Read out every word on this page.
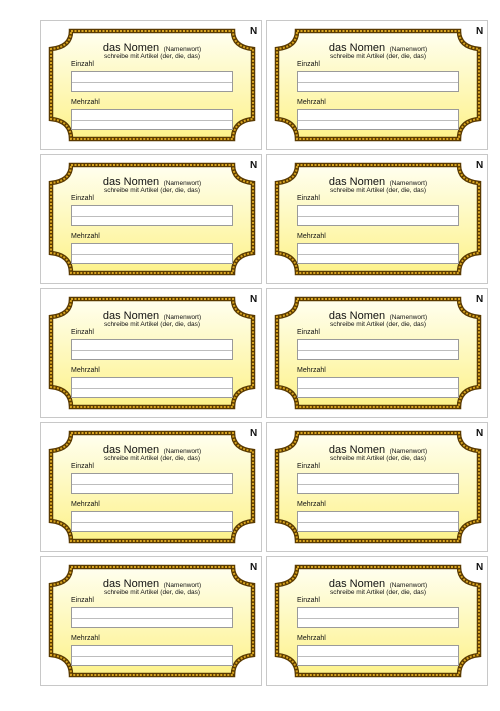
N
das Nomen (Namenwort)
schreibe mit Artikel (der, die, das)
Einzahl
Mehrzahl
N
das Nomen (Namenwort)
schreibe mit Artikel (der, die, das)
Einzahl
Mehrzahl
N
das Nomen (Namenwort)
schreibe mit Artikel (der, die, das)
Einzahl
Mehrzahl
N
das Nomen (Namenwort)
schreibe mit Artikel (der, die, das)
Einzahl
Mehrzahl
N
das Nomen (Namenwort)
schreibe mit Artikel (der, die, das)
Einzahl
Mehrzahl
N
das Nomen (Namenwort)
schreibe mit Artikel (der, die, das)
Einzahl
Mehrzahl
N
das Nomen (Namenwort)
schreibe mit Artikel (der, die, das)
Einzahl
Mehrzahl
N
das Nomen (Namenwort)
schreibe mit Artikel (der, die, das)
Einzahl
Mehrzahl
N
das Nomen (Namenwort)
schreibe mit Artikel (der, die, das)
Einzahl
Mehrzahl
N
das Nomen (Namenwort)
schreibe mit Artikel (der, die, das)
Einzahl
Mehrzahl
